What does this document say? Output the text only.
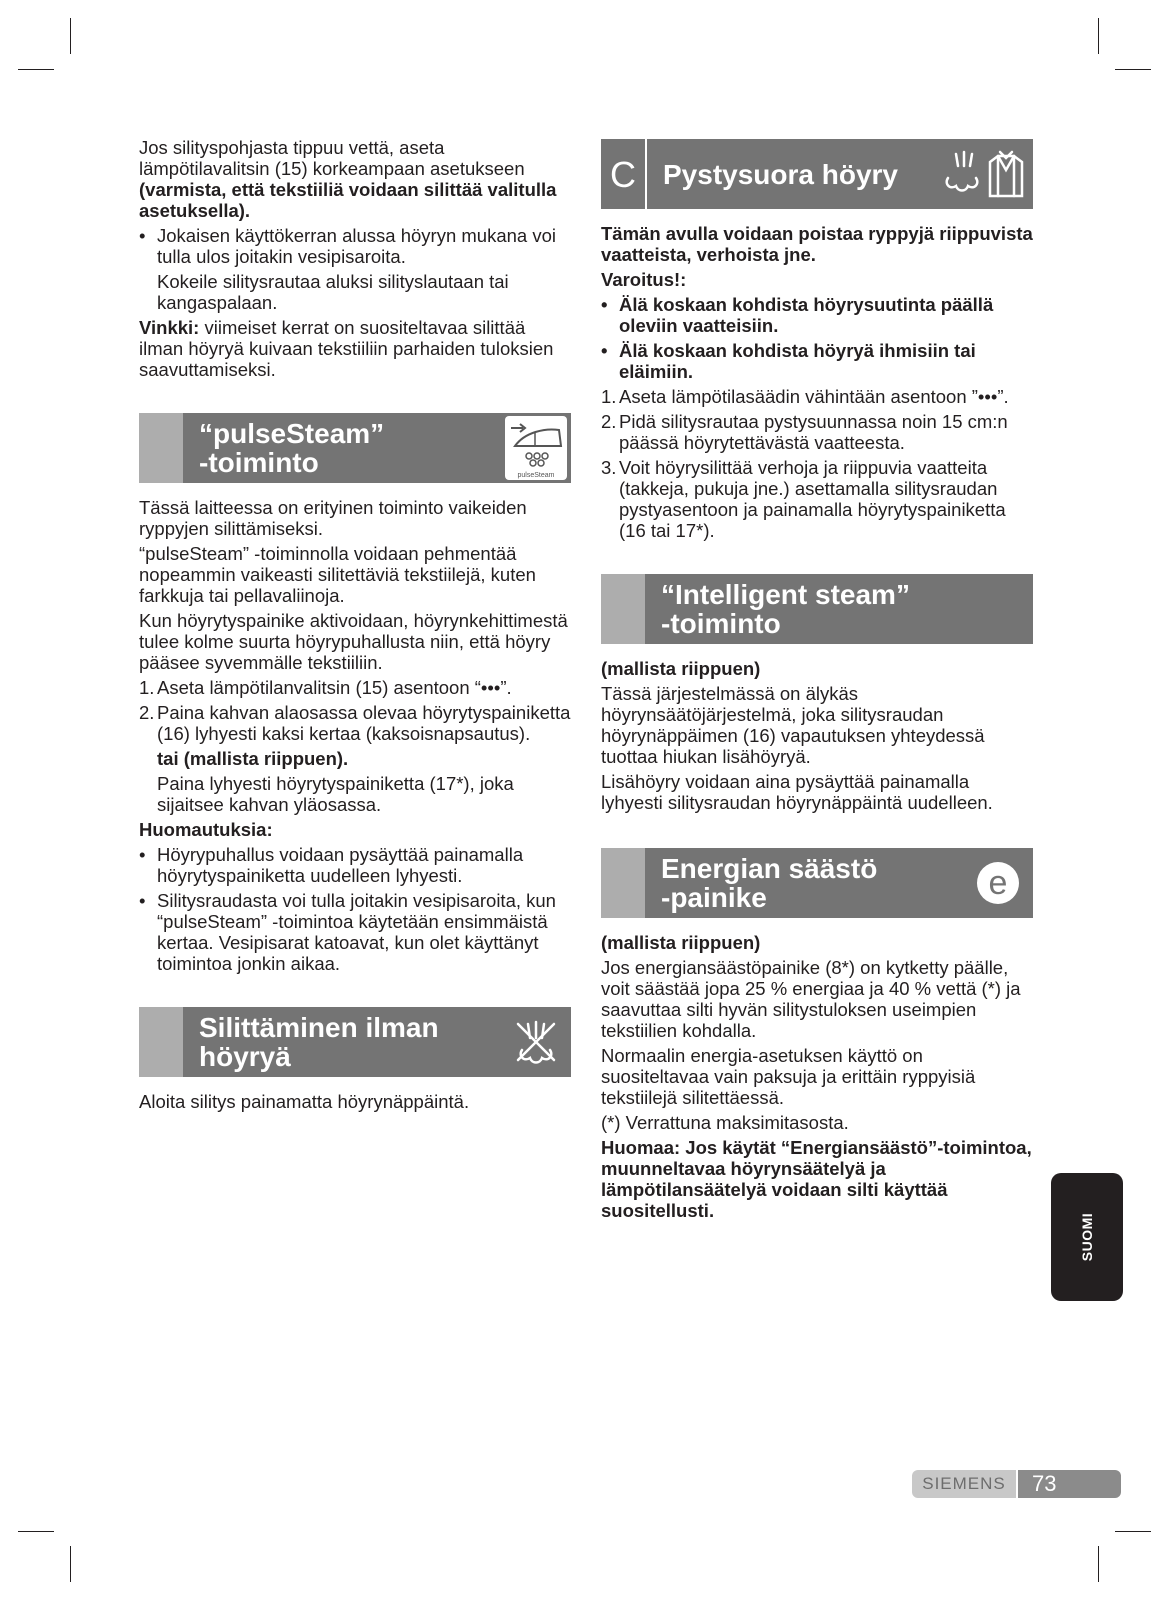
Jos silityspohjasta tippuu vettä, aseta lämpötilavalitsin (15) korkeampaan asetukseen (varmista, että tekstiiliä voidaan silittää valitulla asetuksella).

• Jokaisen käyttökerran alussa höyryn mukana voi tulla ulos joitakin vesipisaroita.
Kokeile silitysrautaa aluksi silityslautaan tai kangaspalaan.

Vinkki: viimeiset kerrat on suositeltavaa silittää ilman höyryä kuivaan tekstiiliin parhaiden tuloksien saavuttamiseksi.

“pulseSteam”
-toiminto	pulseSteam

Tässä laitteessa on erityinen toiminto vaikeiden ryppyjen silittämiseksi.

“pulseSteam” -toiminnolla voidaan pehmentää nopeammin vaikeasti silitettäviä tekstiilejä, kuten farkkuja tai pellavaliinoja.

Kun höyrytyspainike aktivoidaan, höyrynkehittimestä tulee kolme suurta höyrypuhallusta niin, että höyry pääsee syvemmälle tekstiiliin.

1. Aseta lämpötilanvalitsin (15) asentoon “•••”.
2. Paina kahvan alaosassa olevaa höyrytyspainiketta (16) lyhyesti kaksi kertaa (kaksoisnapsautus).
tai (mallista riippuen).
Paina lyhyesti höyrytyspainiketta (17*), joka sijaitsee kahvan yläosassa.

Huomautuksia:

• Höyrypuhallus voidaan pysäyttää painamalla höyrytyspainiketta uudelleen lyhyesti.
• Silitysraudasta voi tulla joitakin vesipisaroita, kun “pulseSteam” -toimintoa käytetään ensimmäistä kertaa. Vesipisarat katoavat, kun olet käyttänyt toimintoa jonkin aikaa.
Silittäminen ilman
höyryä

Aloita silitys painamatta höyrynäppäintä.

C Pystysuora höyry

Tämän avulla voidaan poistaa ryppyjä riippuvista vaatteista, verhoista jne.

Varoitus!:

• Älä koskaan kohdista höyrysuutinta päällä oleviin vaatteisiin.
• Älä koskaan kohdista höyryä ihmisiin tai eläimiin.
1. Aseta lämpötilasäädin vähintään asentoon ”•••”.
2. Pidä silitysrautaa pystysuunnassa noin 15 cm:n päässä höyrytettävästä vaatteesta.
3. Voit höyrysilittää verhoja ja riippuvia vaatteita (takkeja, pukuja jne.) asettamalla silitysraudan pystyasentoon ja painamalla höyrytyspainiketta (16 tai 17*).
“Intelligent steam”
-toiminto

(mallista riippuen)

Tässä järjestelmässä on älykäs höyrynsäätöjärjestelmä, joka silitysraudan höyrynäppäimen (16) vapautuksen yhteydessä tuottaa hiukan lisähöyryä.

Lisähöyry voidaan aina pysäyttää painamalla lyhyesti silitysraudan höyrynäppäintä uudelleen.

Energian säästö
-painike	e

(mallista riippuen)

Jos energiansäästöpainike (8*) on kytketty päälle, voit säästää jopa 25 % energiaa ja 40 % vettä (*) ja saavuttaa silti hyvän silitystuloksen useimpien tekstiilien kohdalla.

Normaalin energia-asetuksen käyttö on suositeltavaa vain paksuja ja erittäin ryppyisiä tekstiilejä silitettäessä.

(*) Verrattuna maksimitasosta.

Huomaa: Jos käytät “Energiansäästö”-toimintoa, muunneltavaa höyrynsäätelyä ja lämpötilansäätelyä voidaan silti käyttää suositellusti.

SUOMI
SIEMENS	73
